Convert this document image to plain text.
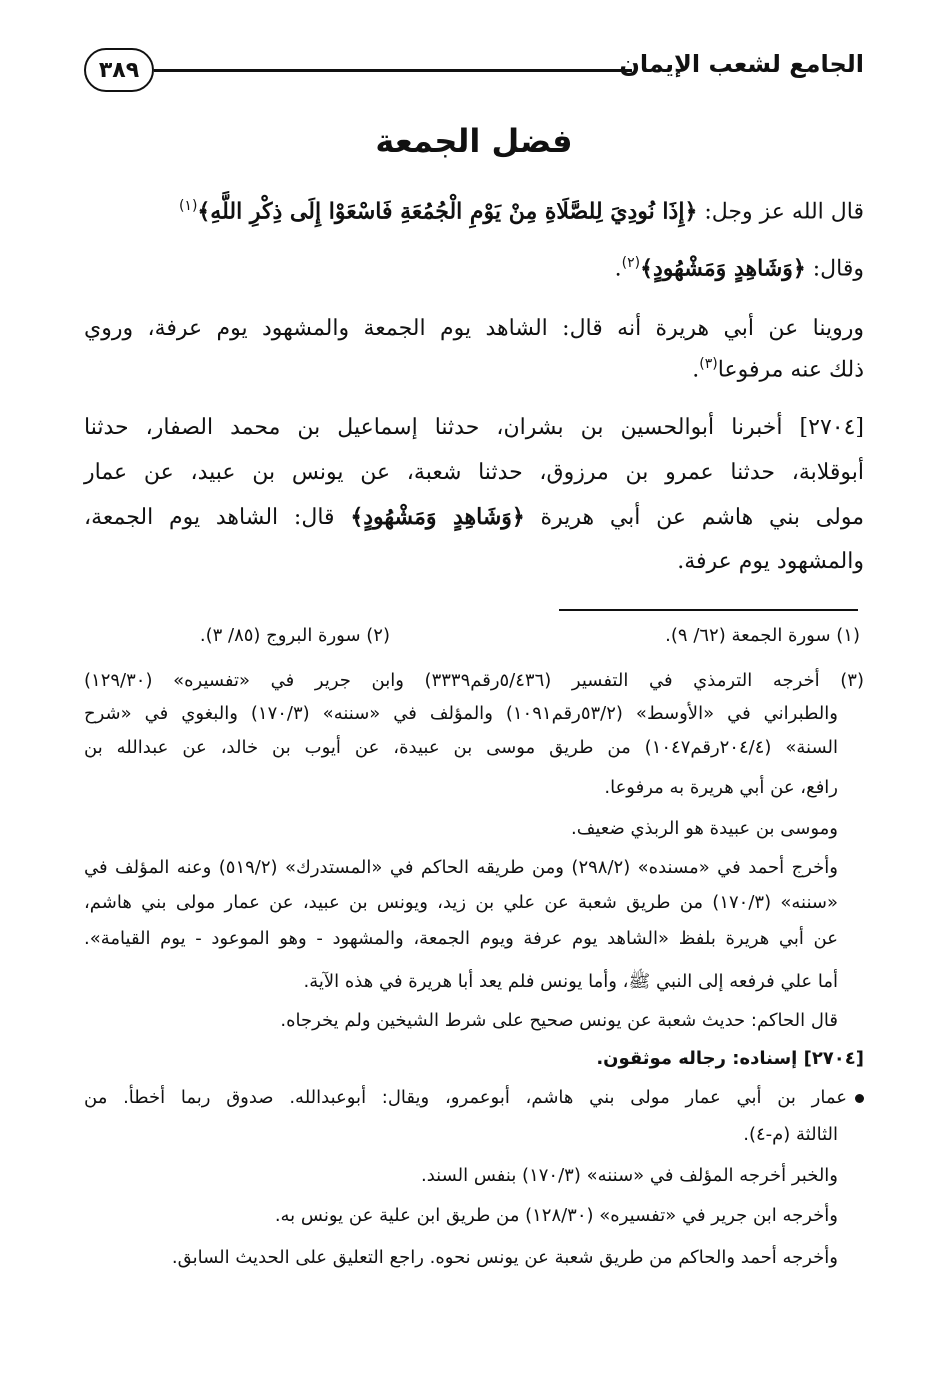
٣٨٩	الجامع لشعب الإيمان
فضل الجمعة
قال الله عز وجل: ﴿إِذَا نُودِيَ لِلصَّلَاةِ مِنْ يَوْمِ الْجُمُعَةِ فَاسْعَوْا إِلَى ذِكْرِ اللَّهِ﴾$^{(١)}$
وقال: ﴿وَشَاهِدٍ وَمَشْهُودٍ﴾$^{(٢)}$.
وروينا عن أبي هريرة أنه قال: الشاهد يوم الجمعة والمشهود يوم عرفة، وروي
ذلك عنه مرفوعا$^{(٣)}$.
[٢٧٠٤] أخبرنا أبوالحسين بن بشران، حدثنا إسماعيل بن محمد الصفار، حدثنا
أبوقلابة، حدثنا عمرو بن مرزوق، حدثنا شعبة، عن يونس بن عبيد، عن عمار
مولى بني هاشم عن أبي هريرة ﴿وَشَاهِدٍ وَمَشْهُودٍ﴾ قال: الشاهد يوم الجمعة،
والمشهود يوم عرفة.
(١) سورة الجمعة (٦٢/ ٩).
(٢) سورة البروج (٨٥/ ٣).
(٣) أخرجه الترمذي في التفسير (٥/٤٣٦رقم٣٣٣٩) وابن جرير في «تفسيره» (١٢٩/٣٠)
والطبراني في «الأوسط» (٥٣/٢رقم١٠٩١) والمؤلف في «سننه» (١٧٠/٣) والبغوي في «شرح
السنة» (٢٠٤/٤رقم١٠٤٧) من طريق موسى بن عبيدة، عن أيوب بن خالد، عن عبدالله بن
رافع، عن أبي هريرة به مرفوعا.
وموسى بن عبيدة هو الربذي ضعيف.
وأخرج أحمد في «مسنده» (٢٩٨/٢) ومن طريقه الحاكم في «المستدرك» (٥١٩/٢) وعنه المؤلف في
«سننه» (١٧٠/٣) من طريق شعبة عن علي بن زيد، ويونس بن عبيد، عن عمار مولى بني هاشم،
عن أبي هريرة بلفظ «الشاهد يوم عرفة ويوم الجمعة، والمشهود - وهو الموعود - يوم القيامة».
أما علي فرفعه إلى النبي ﷺ، وأما يونس فلم يعد أبا هريرة في هذه الآية.
قال الحاكم: حديث شعبة عن يونس صحيح على شرط الشيخين ولم يخرجاه.
[٢٧٠٤] إسناده: رجاله موثقون.
عمار بن أبي عمار مولى بني هاشم، أبوعمرو، ويقال: أبوعبدالله. صدوق ربما أخطأ. من
الثالثة (م-٤).
والخبر أخرجه المؤلف في «سننه» (١٧٠/٣) بنفس السند.
وأخرجه ابن جرير في «تفسيره» (١٢٨/٣٠) من طريق ابن علية عن يونس به.
وأخرجه أحمد والحاكم من طريق شعبة عن يونس نحوه. راجع التعليق على الحديث السابق.
